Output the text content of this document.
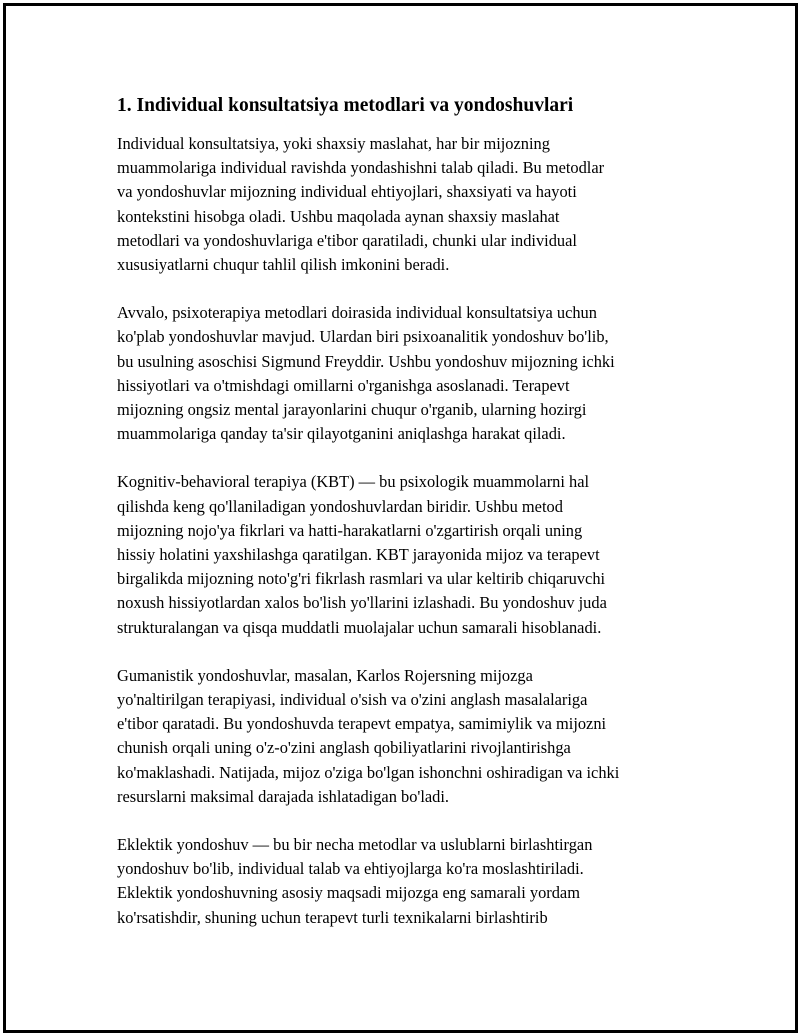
1. Individual konsultatsiya metodlari va yondoshuvlari

Individual konsultatsiya, yoki shaxsiy maslahat, har bir mijozning
muammolariga individual ravishda yondashishni talab qiladi. Bu metodlar
va yondoshuvlar mijozning individual ehtiyojlari, shaxsiyati va hayoti
kontekstini hisobga oladi. Ushbu maqolada aynan shaxsiy maslahat
metodlari va yondoshuvlariga e'tibor qaratiladi, chunki ular individual
xususiyatlarni chuqur tahlil qilish imkonini beradi.

Avvalo, psixoterapiya metodlari doirasida individual konsultatsiya uchun
ko'plab yondoshuvlar mavjud. Ulardan biri psixoanalitik yondoshuv bo'lib,
bu usulning asoschisi Sigmund Freyddir. Ushbu yondoshuv mijozning ichki
hissiyotlari va o'tmishdagi omillarni o'rganishga asoslanadi. Terapevt
mijozning ongsiz mental jarayonlarini chuqur o'rganib, ularning hozirgi
muammolariga qanday ta'sir qilayotganini aniqlashga harakat qiladi.

Kognitiv-behavioral terapiya (KBT) — bu psixologik muammolarni hal
qilishda keng qo'llaniladigan yondoshuvlardan biridir. Ushbu metod
mijozning nojo'ya fikrlari va hatti-harakatlarni o'zgartirish orqali uning
hissiy holatini yaxshilashga qaratilgan. KBT jarayonida mijoz va terapevt
birgalikda mijozning noto'g'ri fikrlash rasmlari va ular keltirib chiqaruvchi
noxush hissiyotlardan xalos bo'lish yo'llarini izlashadi. Bu yondoshuv juda
strukturalangan va qisqa muddatli muolajalar uchun samarali hisoblanadi.

Gumanistik yondoshuvlar, masalan, Karlos Rojersning mijozga
yo'naltirilgan terapiyasi, individual o'sish va o'zini anglash masalalariga
e'tibor qaratadi. Bu yondoshuvda terapevt empatya, samimiylik va mijozni
chunish orqali uning o'z-o'zini anglash qobiliyatlarini rivojlantirishga
ko'maklashadi. Natijada, mijoz o'ziga bo'lgan ishonchni oshiradigan va ichki
resurslarni maksimal darajada ishlatadigan bo'ladi.

Eklektik yondoshuv — bu bir necha metodlar va uslublarni birlashtirgan
yondoshuv bo'lib, individual talab va ehtiyojlarga ko'ra moslashtiriladi.
Eklektik yondoshuvning asosiy maqsadi mijozga eng samarali yordam
ko'rsatishdir, shuning uchun terapevt turli texnikalarni birlashtirib
